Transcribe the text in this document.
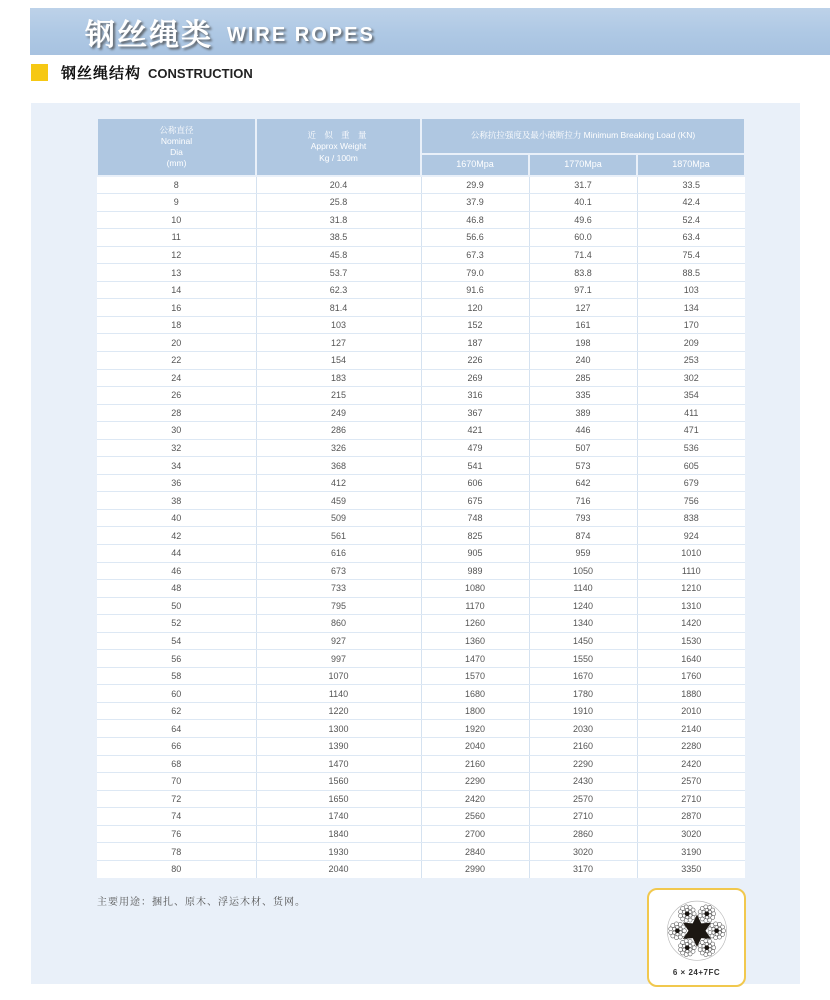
钢丝绳类 WIRE ROPES
钢丝绳结构 CONSTRUCTION
公称直径
Nominal
Dia
(mm)	近 似 重 量
Approx Weight
Kg / 100m	公称抗拉强度及最小破断拉力 Minimum Breaking Load (KN)		
		1670Mpa	1770Mpa	1870Mpa
8	20.4	29.9	31.7	33.5
9	25.8	37.9	40.1	42.4
10	31.8	46.8	49.6	52.4
11	38.5	56.6	60.0	63.4
12	45.8	67.3	71.4	75.4
13	53.7	79.0	83.8	88.5
14	62.3	91.6	97.1	103
16	81.4	120	127	134
18	103	152	161	170
20	127	187	198	209
22	154	226	240	253
24	183	269	285	302
26	215	316	335	354
28	249	367	389	411
30	286	421	446	471
32	326	479	507	536
34	368	541	573	605
36	412	606	642	679
38	459	675	716	756
40	509	748	793	838
42	561	825	874	924
44	616	905	959	1010
46	673	989	1050	1110
48	733	1080	1140	1210
50	795	1170	1240	1310
52	860	1260	1340	1420
54	927	1360	1450	1530
56	997	1470	1550	1640
58	1070	1570	1670	1760
60	1140	1680	1780	1880
62	1220	1800	1910	2010
64	1300	1920	2030	2140
66	1390	2040	2160	2280
68	1470	2160	2290	2420
70	1560	2290	2430	2570
72	1650	2420	2570	2710
74	1740	2560	2710	2870
76	1840	2700	2860	3020
78	1930	2840	3020	3190
80	2040	2990	3170	3350
主要用途：捆扎、原木、浮运木材、货网。
6 × 24+7FC
